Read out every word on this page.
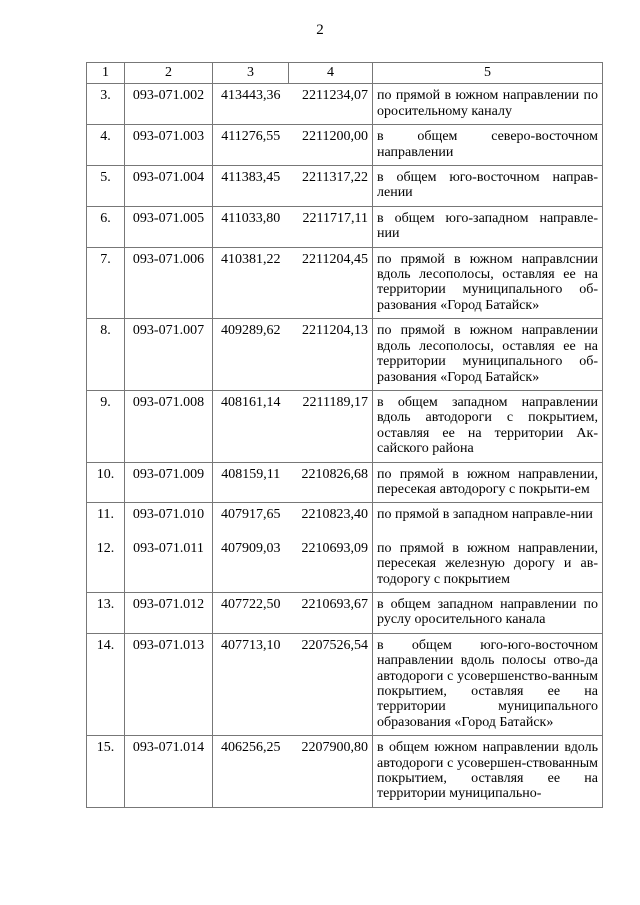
2
1	2	3	4	5
3.	093-071.002	413443,36	2211234,07	по прямой в южном направлении по оросительному каналу
4.	093-071.003	411276,55	2211200,00	в общем северо-восточном направлении
5.	093-071.004	411383,45	2211317,22	в общем юго-восточном направ-лении
6.	093-071.005	411033,80	2211717,11	в общем юго-западном направле-нии
7.	093-071.006	410381,22	2211204,45	по прямой в южном направлснии вдоль лесополосы, оставляя ее на территории муниципального об-разования «Город Батайск»
8.	093-071.007	409289,62	2211204,13	по прямой в южном направлении вдоль лесополосы, оставляя ее на территории муниципального об-разования «Город Батайск»
9.	093-071.008	408161,14	2211189,17	в общем западном направлении вдоль автодороги с покрытием, оставляя ее на территории Ак-сайского района
10.	093-071.009	408159,11	2210826,68	по прямой в южном направлении, пересекая автодорогу с покрыти-ем
11.	093-071.010	407917,65	2210823,40	по прямой в западном направле-нии
12.	093-071.011	407909,03	2210693,09	по прямой в южном направлении, пересекая железную дорогу и ав-тодорогу с покрытием
13.	093-071.012	407722,50	2210693,67	в общем западном направлении по руслу оросительного канала
14.	093-071.013	407713,10	2207526,54	в общем юго-юго-восточном направлении вдоль полосы отво-да автодороги с усовершенство-ванным покрытием, оставляя ее на территории муниципального образования «Город Батайск»
15.	093-071.014	406256,25	2207900,80	в общем южном направлении вдоль автодороги с усовершен-ствованным покрытием, оставляя ее на территории муниципально-
